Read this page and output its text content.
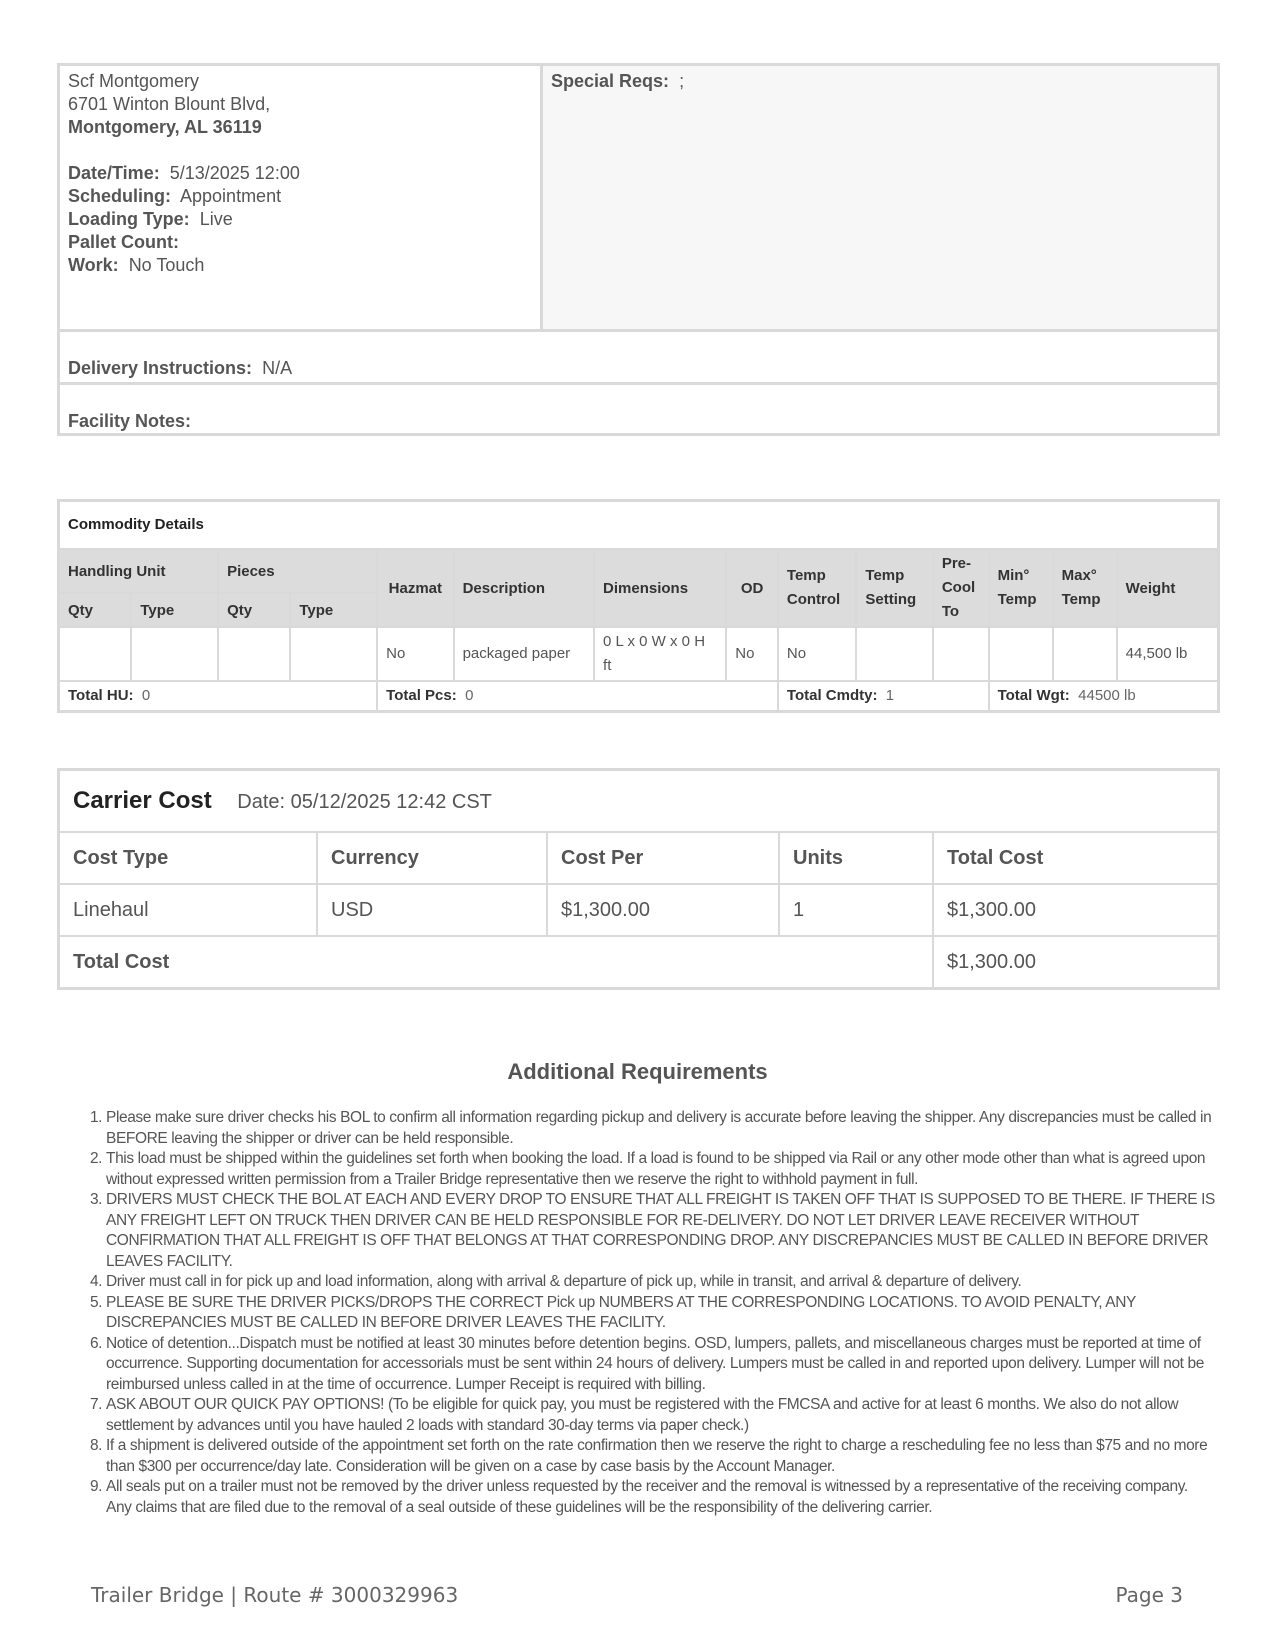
Scf Montgomery
6701 Winton Blount Blvd,
Montgomery, AL 36119
Date/Time: 5/13/2025 12:00
Scheduling: Appointment
Loading Type: Live
Pallet Count:
Work: No Touch
Special Reqs: ;
Delivery Instructions: N/A
Facility Notes:
Commodity Details													
Handling Unit		Pieces		Hazmat	Description	Dimensions	OD	Temp Control	Temp Setting	Pre-Cool To	Min° Temp	Max° Temp	Weight
Qty	Type	Qty	Type										
				No	packaged paper	0 L x 0 W x 0 H ft	No	No					44,500 lb
Total HU: 0				Total Pcs: 0				Total Cmdty: 1			Total Wgt: 44500 lb		
Carrier Cost Date: 05/12/2025 12:42 CST				
Cost Type	Currency	Cost Per	Units	Total Cost
Linehaul	USD	$1,300.00	1	$1,300.00
Total Cost				$1,300.00
Additional Requirements
1. Please make sure driver checks his BOL to confirm all information regarding pickup and delivery is accurate before leaving the shipper. Any discrepancies must be called in BEFORE leaving the shipper or driver can be held responsible.
2. This load must be shipped within the guidelines set forth when booking the load. If a load is found to be shipped via Rail or any other mode other than what is agreed upon without expressed written permission from a Trailer Bridge representative then we reserve the right to withhold payment in full.
3. DRIVERS MUST CHECK THE BOL AT EACH AND EVERY DROP TO ENSURE THAT ALL FREIGHT IS TAKEN OFF THAT IS SUPPOSED TO BE THERE. IF THERE IS ANY FREIGHT LEFT ON TRUCK THEN DRIVER CAN BE HELD RESPONSIBLE FOR RE-DELIVERY. DO NOT LET DRIVER LEAVE RECEIVER WITHOUT CONFIRMATION THAT ALL FREIGHT IS OFF THAT BELONGS AT THAT CORRESPONDING DROP. ANY DISCREPANCIES MUST BE CALLED IN BEFORE DRIVER LEAVES FACILITY.
4. Driver must call in for pick up and load information, along with arrival & departure of pick up, while in transit, and arrival & departure of delivery.
5. PLEASE BE SURE THE DRIVER PICKS/DROPS THE CORRECT Pick up NUMBERS AT THE CORRESPONDING LOCATIONS. TO AVOID PENALTY, ANY DISCREPANCIES MUST BE CALLED IN BEFORE DRIVER LEAVES THE FACILITY.
6. Notice of detention...Dispatch must be notified at least 30 minutes before detention begins. OSD, lumpers, pallets, and miscellaneous charges must be reported at time of occurrence. Supporting documentation for accessorials must be sent within 24 hours of delivery. Lumpers must be called in and reported upon delivery. Lumper will not be reimbursed unless called in at the time of occurrence. Lumper Receipt is required with billing.
7. ASK ABOUT OUR QUICK PAY OPTIONS! (To be eligible for quick pay, you must be registered with the FMCSA and active for at least 6 months. We also do not allow settlement by advances until you have hauled 2 loads with standard 30-day terms via paper check.)
8. If a shipment is delivered outside of the appointment set forth on the rate confirmation then we reserve the right to charge a rescheduling fee no less than $75 and no more than $300 per occurrence/day late. Consideration will be given on a case by case basis by the Account Manager.
9. All seals put on a trailer must not be removed by the driver unless requested by the receiver and the removal is witnessed by a representative of the receiving company. Any claims that are filed due to the removal of a seal outside of these guidelines will be the responsibility of the delivering carrier.
Trailer Bridge | Route # 3000329963	Page 3
